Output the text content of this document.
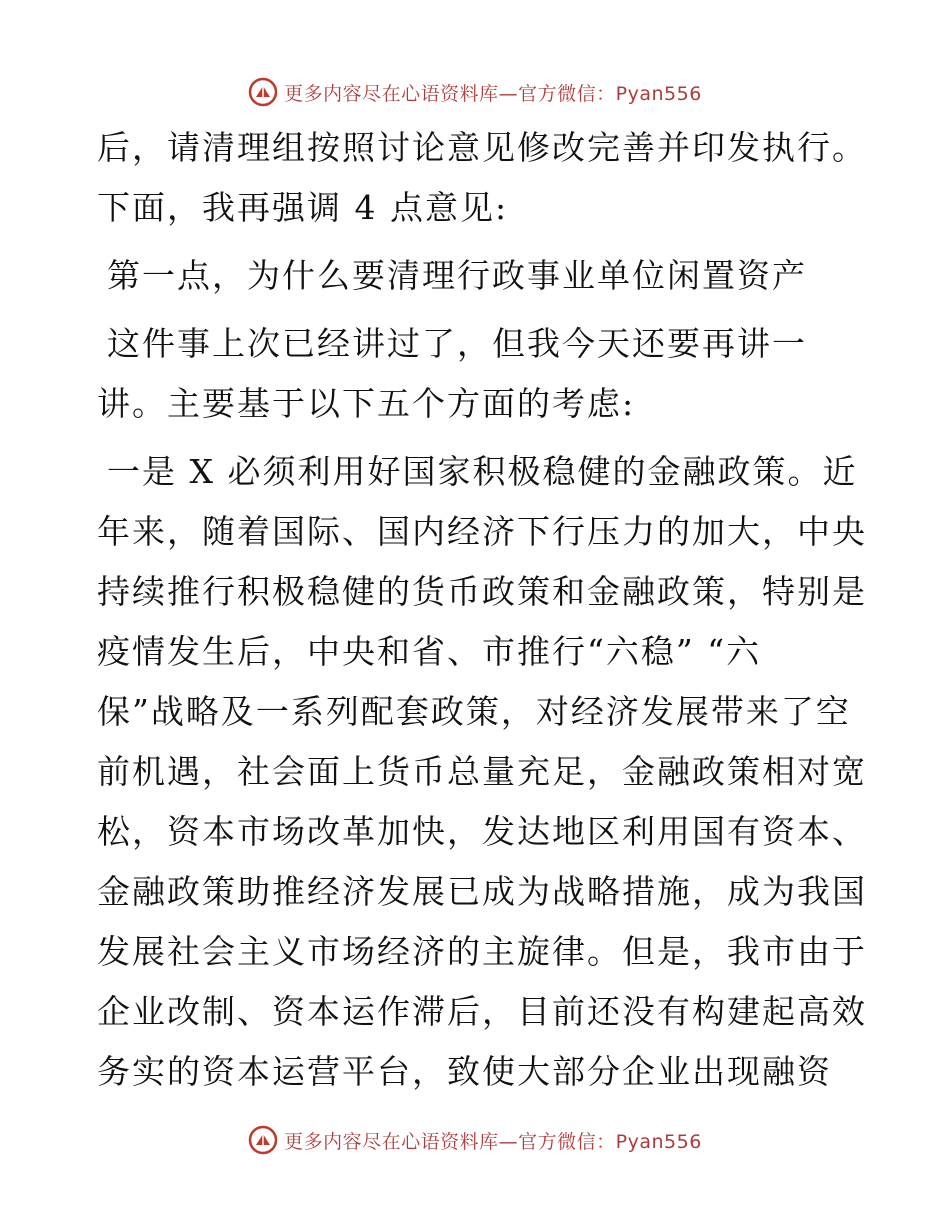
更多内容尽在心语资料库—官方微信：Pyan556
后，请清理组按照讨论意见修改完善并印发执行。
下面，我再强调 4 点意见:
第一点，为什么要清理行政事业单位闲置资产
这件事上次已经讲过了，但我今天还要再讲一
讲。主要基于以下五个方面的考虑:
一是 X 必须利用好国家积极稳健的金融政策。近
年来，随着国际、国内经济下行压力的加大，中央
持续推行积极稳健的货币政策和金融政策，特别是
疫情发生后，中央和省、市推行“六稳” “六
保”战略及一系列配套政策，对经济发展带来了空
前机遇，社会面上货币总量充足，金融政策相对宽
松，资本市场改革加快，发达地区利用国有资本、
金融政策助推经济发展已成为战略措施，成为我国
发展社会主义市场经济的主旋律。但是，我市由于
企业改制、资本运作滞后，目前还没有构建起高效
务实的资本运营平台，致使大部分企业出现融资
更多内容尽在心语资料库—官方微信：Pyan556
